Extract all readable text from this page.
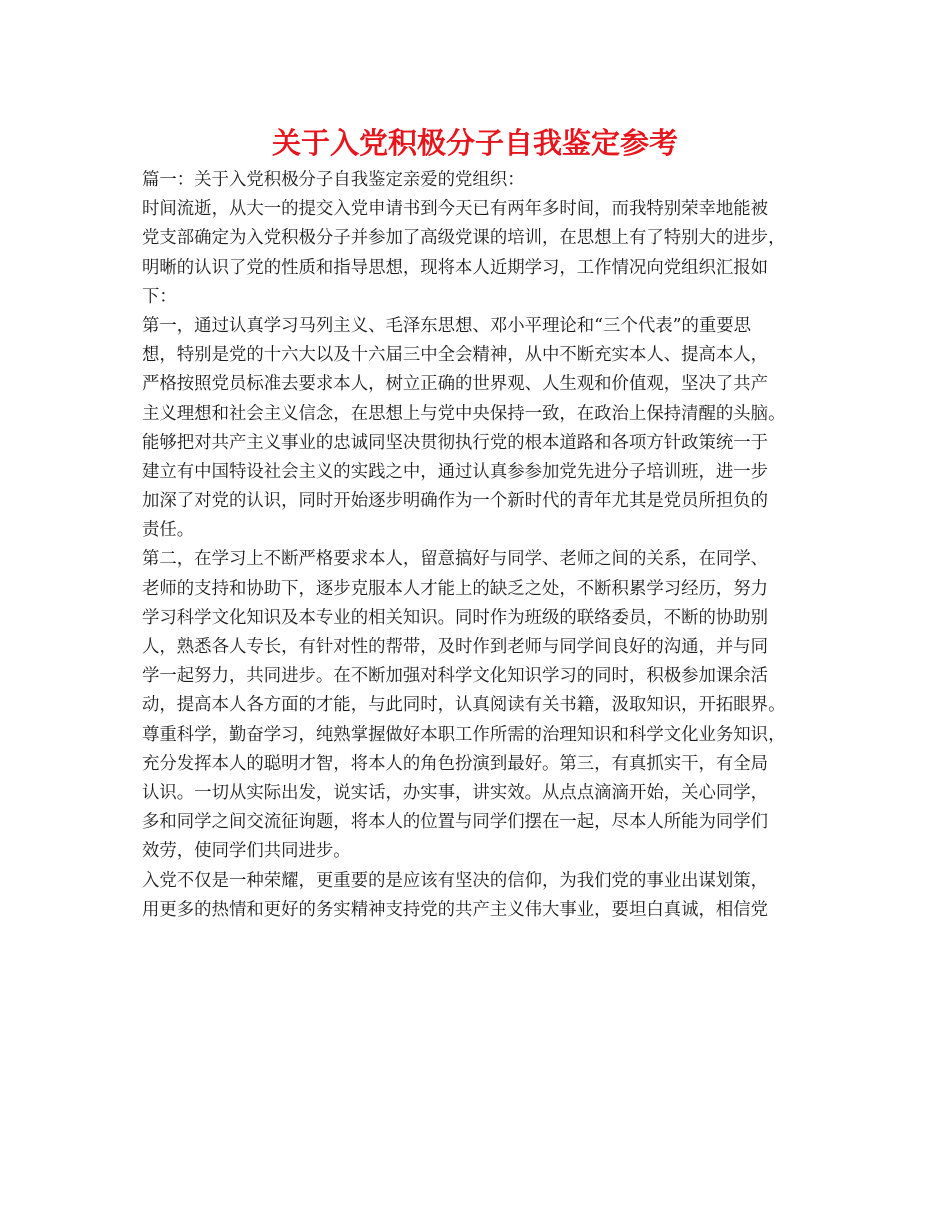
关于入党积极分子自我鉴定参考
篇一：关于入党积极分子自我鉴定亲爱的党组织：
时间流逝，从大一的提交入党申请书到今天已有两年多时间，而我特别荣幸地能被
党支部确定为入党积极分子并参加了高级党课的培训，在思想上有了特别大的进步，
明晰的认识了党的性质和指导思想，现将本人近期学习，工作情况向党组织汇报如
下：
第一，通过认真学习马列主义、毛泽东思想、邓小平理论和“三个代表”的重要思
想，特别是党的十六大以及十六届三中全会精神，从中不断充实本人、提高本人，
严格按照党员标准去要求本人，树立正确的世界观、人生观和价值观，坚决了共产
主义理想和社会主义信念，在思想上与党中央保持一致，在政治上保持清醒的头脑。
能够把对共产主义事业的忠诚同坚决贯彻执行党的根本道路和各项方针政策统一于
建立有中国特设社会主义的实践之中，通过认真参参加党先进分子培训班，进一步
加深了对党的认识，同时开始逐步明确作为一个新时代的青年尤其是党员所担负的
责任。
第二，在学习上不断严格要求本人，留意搞好与同学、老师之间的关系，在同学、
老师的支持和协助下，逐步克服本人才能上的缺乏之处，不断积累学习经历，努力
学习科学文化知识及本专业的相关知识。同时作为班级的联络委员，不断的协助别
人，熟悉各人专长，有针对性的帮带，及时作到老师与同学间良好的沟通，并与同
学一起努力，共同进步。在不断加强对科学文化知识学习的同时，积极参加课余活
动，提高本人各方面的才能，与此同时，认真阅读有关书籍，汲取知识，开拓眼界。
尊重科学，勤奋学习，纯熟掌握做好本职工作所需的治理知识和科学文化业务知识，
充分发挥本人的聪明才智，将本人的角色扮演到最好。第三，有真抓实干，有全局
认识。一切从实际出发，说实话，办实事，讲实效。从点点滴滴开始，关心同学，
多和同学之间交流征询题，将本人的位置与同学们摆在一起，尽本人所能为同学们
效劳，使同学们共同进步。
入党不仅是一种荣耀，更重要的是应该有坚决的信仰，为我们党的事业出谋划策，
用更多的热情和更好的务实精神支持党的共产主义伟大事业，要坦白真诚，相信党
